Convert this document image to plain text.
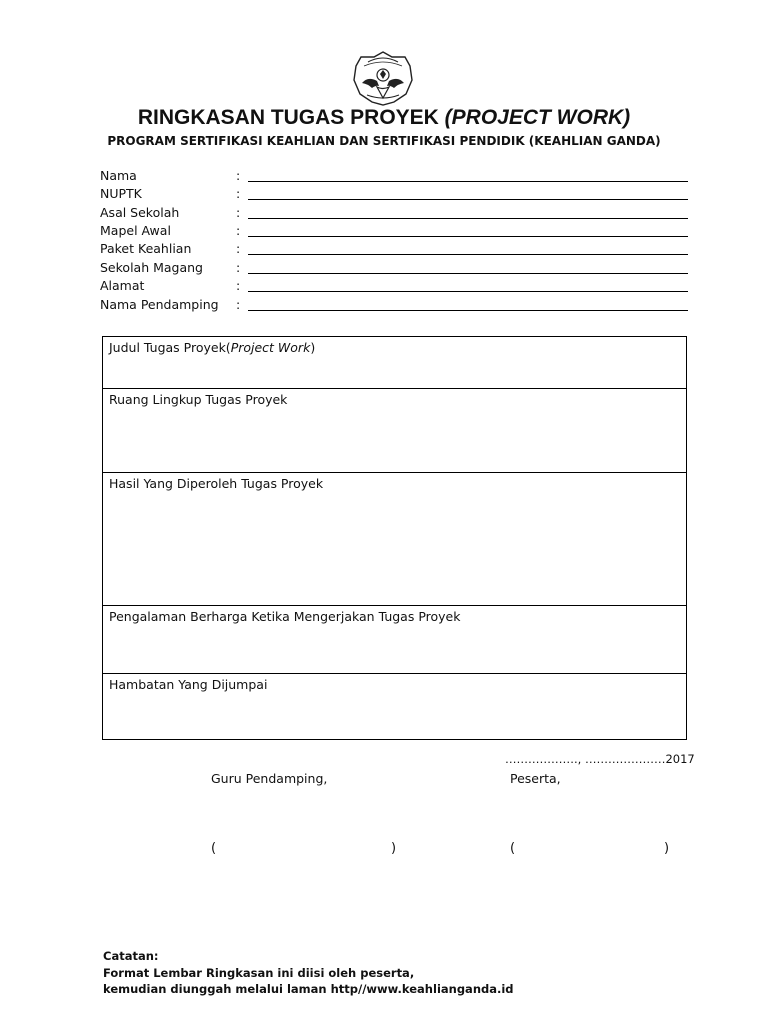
RINGKASAN TUGAS PROYEK (PROJECT WORK)
PROGRAM SERTIFIKASI KEAHLIAN DAN SERTIFIKASI PENDIDIK (KEAHLIAN GANDA)
Nama	:
NUPTK	:
Asal Sekolah	:
Mapel Awal	:
Paket Keahlian	:
Sekolah Magang	:
Alamat	:
Nama Pendamping :
Judul Tugas Proyek(Project Work)
Ruang Lingkup Tugas Proyek
Hasil Yang Diperoleh Tugas Proyek
Pengalaman Berharga Ketika Mengerjakan Tugas Proyek
Hambatan Yang Dijumpai
………………., …………………2017
Guru Pendamping,	Peserta,
(	)	(	)
Catatan:
Format Lembar Ringkasan ini diisi oleh peserta,
kemudian diunggah melalui laman http//www.keahlianganda.id
